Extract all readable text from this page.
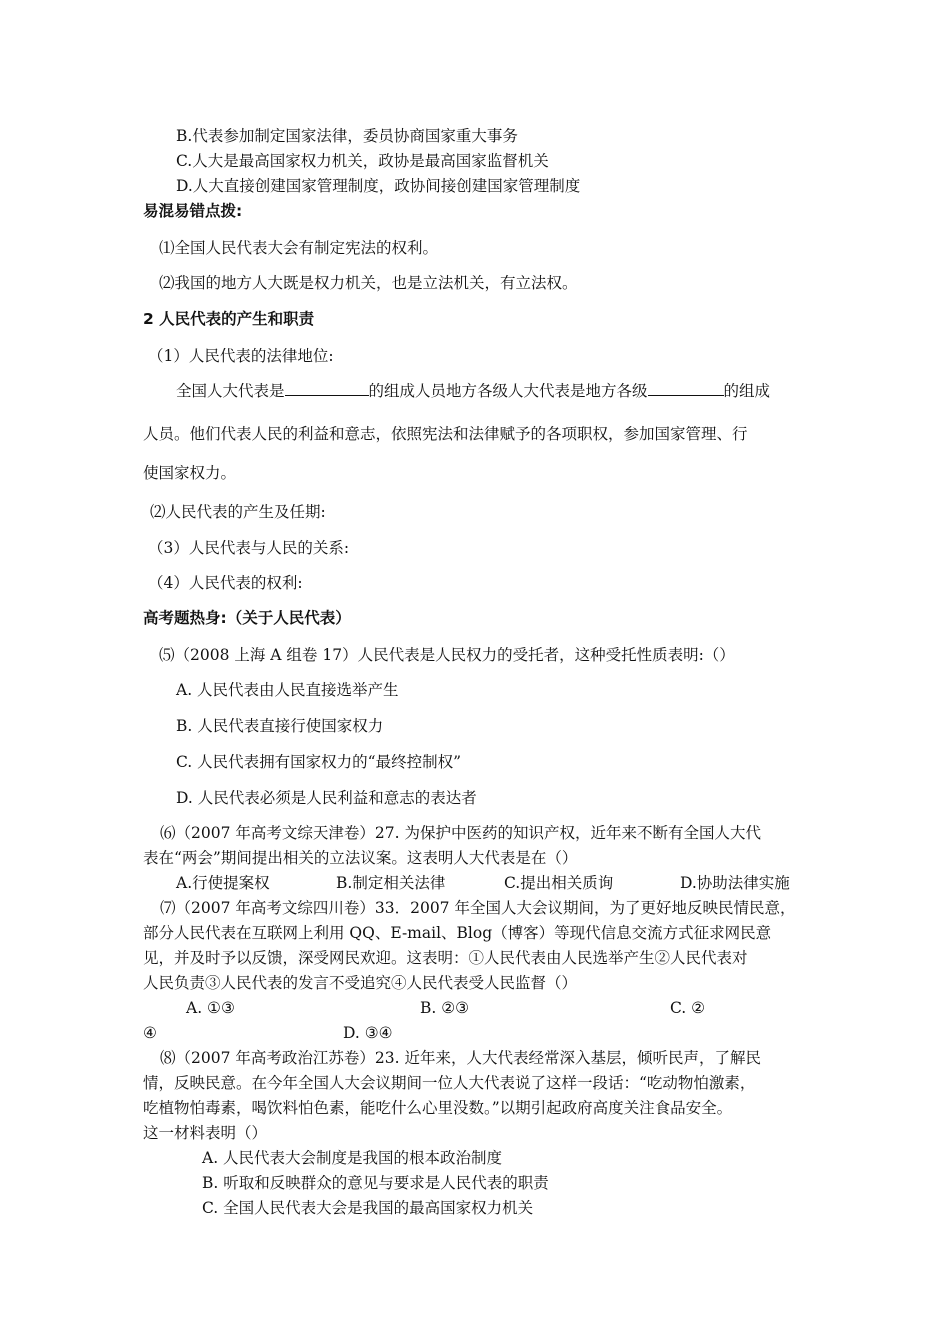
B.代表参加制定国家法律，委员协商国家重大事务
C.人大是最高国家权力机关，政协是最高国家监督机关
D.人大直接创建国家管理制度，政协间接创建国家管理制度
易混易错点拨:
⑴全国人民代表大会有制定宪法的权利。
⑵我国的地方人大既是权力机关，也是立法机关，有立法权。
2 人民代表的产生和职责
（1）人民代表的法律地位:
全国人大代表是	的组成人员地方各级人大代表是地方各级	的组成
人员。他们代表人民的利益和意志，依照宪法和法律赋予的各项职权，参加国家管理、行
使国家权力。
⑵人民代表的产生及任期:
（3）人民代表与人民的关系:
（4）人民代表的权利:
高考题热身:（关于人民代表）
⑸（2008 上海 A 组卷 17）人民代表是人民权力的受托者，这种受托性质表明:（）
A. 人民代表由人民直接选举产生
B. 人民代表直接行使国家权力
C. 人民代表拥有国家权力的“最终控制权”
D. 人民代表必须是人民利益和意志的表达者
⑹（2007 年高考文综天津卷）27. 为保护中医药的知识产权，近年来不断有全国人大代
表在“两会”期间提出相关的立法议案。这表明人大代表是在（）
A.行使提案权	B.制定相关法律	C.提出相关质询	D.协助法律实施
⑺（2007 年高考文综四川卷）33．2007 年全国人大会议期间，为了更好地反映民情民意，
部分人民代表在互联网上利用 QQ、E-mail、Blog（博客）等现代信息交流方式征求网民意
见，并及时予以反馈，深受网民欢迎。这表明：①人民代表由人民选举产生②人民代表对
人民负责③人民代表的发言不受追究④人民代表受人民监督（）
A. ①③	B. ②③	C. ②
④	D. ③④
⑻（2007 年高考政治江苏卷）23. 近年来，人大代表经常深入基层，倾听民声，了解民
情，反映民意。在今年全国人大会议期间一位人大代表说了这样一段话：“吃动物怕激素，
吃植物怕毒素，喝饮料怕色素，能吃什么心里没数。”以期引起政府高度关注食品安全。
这一材料表明（）
A. 人民代表大会制度是我国的根本政治制度
B. 听取和反映群众的意见与要求是人民代表的职责
C. 全国人民代表大会是我国的最高国家权力机关
